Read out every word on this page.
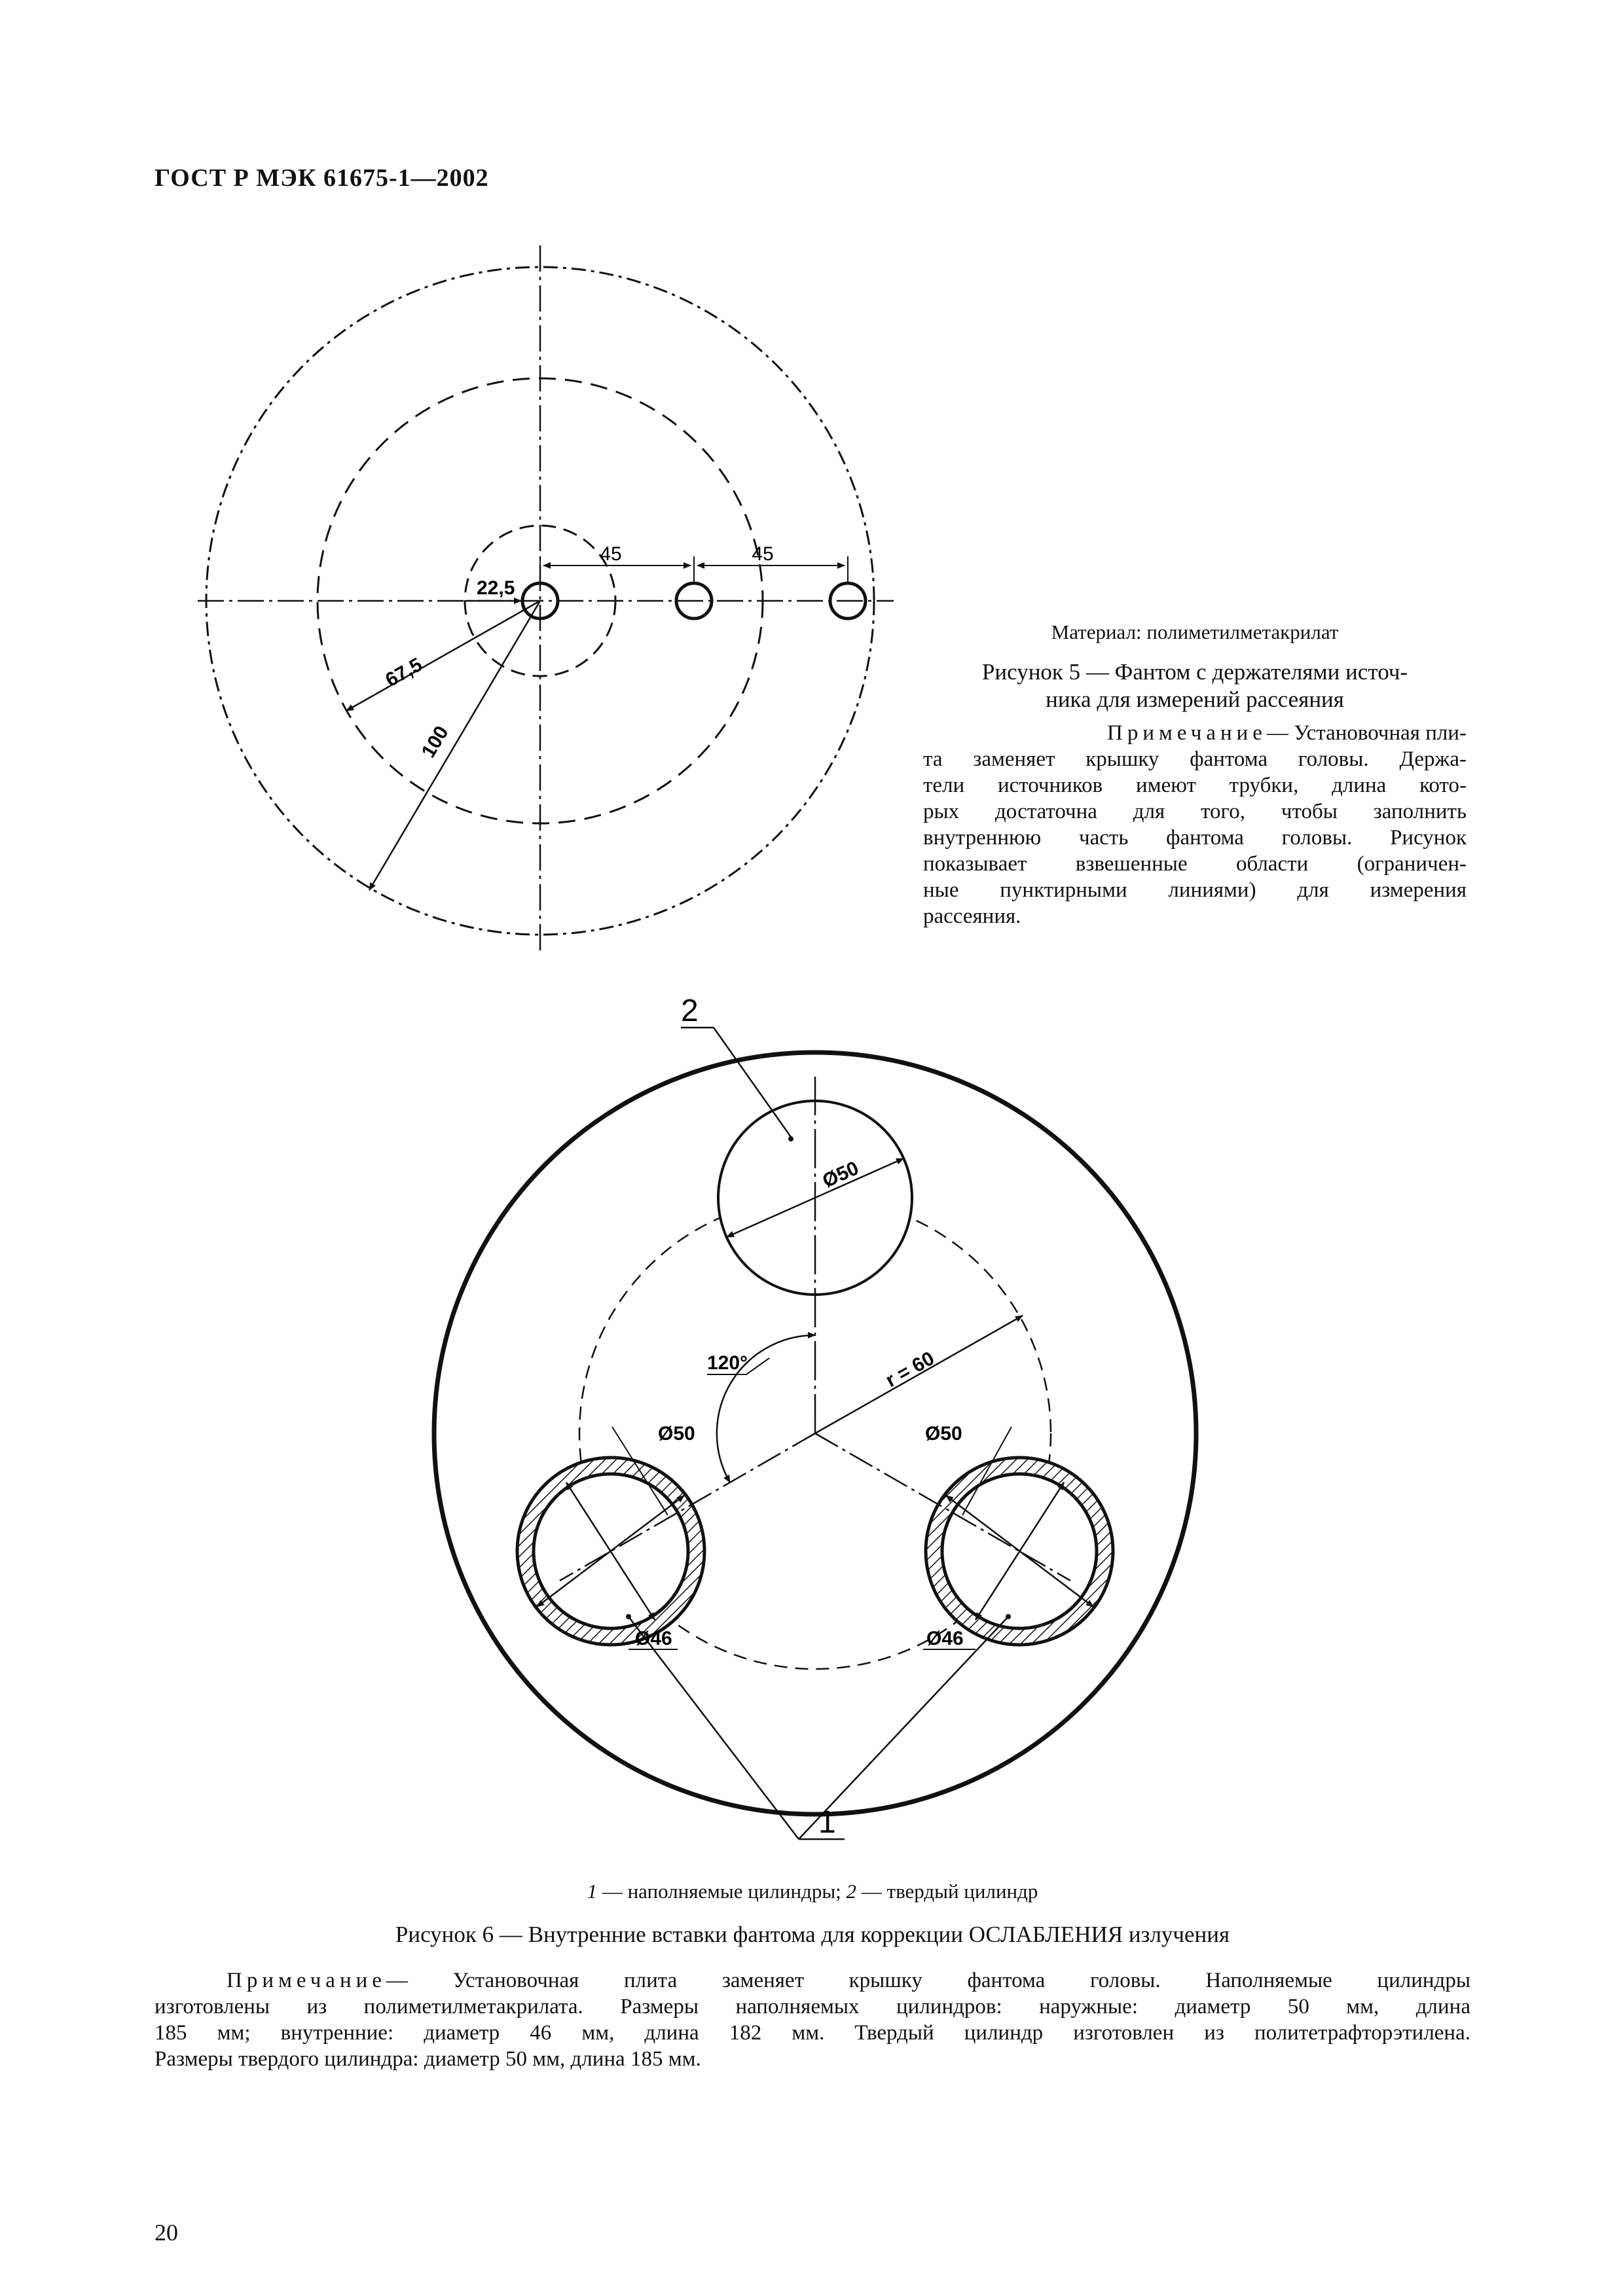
ГОСТ Р МЭК 61675-1—2002
45	45
22,5
67,5
100
Материал: полиметилметакрилат
Рисунок 5 — Фантом с держателями источ-
ника для измерений рассеяния
Примечание— Установочная пли-
та заменяет крышку фантома головы. Держа-
тели источников имеют трубки, длина кото-
рых достаточна для того, чтобы заполнить
внутреннюю часть фантома головы. Рисунок
показывает взвешенные области (ограничен-
ные пунктирными линиями) для измерения
рассеяния.
2
1
Ø50
120°	r = 60
Ø50	Ø50
Ø46	Ø46
1 — наполняемые цилиндры; 2 — твердый цилиндр
Рисунок 6 — Внутренние вставки фантома для коррекции ОСЛАБЛЕНИЯ излучения
Примечание— Установочная плита заменяет крышку фантома головы. Наполняемые цилиндры
изготовлены из полиметилметакрилата. Размеры наполняемых цилиндров: наружные: диаметр 50 мм, длина
185 мм; внутренние: диаметр 46 мм, длина 182 мм. Твердый цилиндр изготовлен из политетрафторэтилена.
Размеры твердого цилиндра: диаметр 50 мм, длина 185 мм.
20
